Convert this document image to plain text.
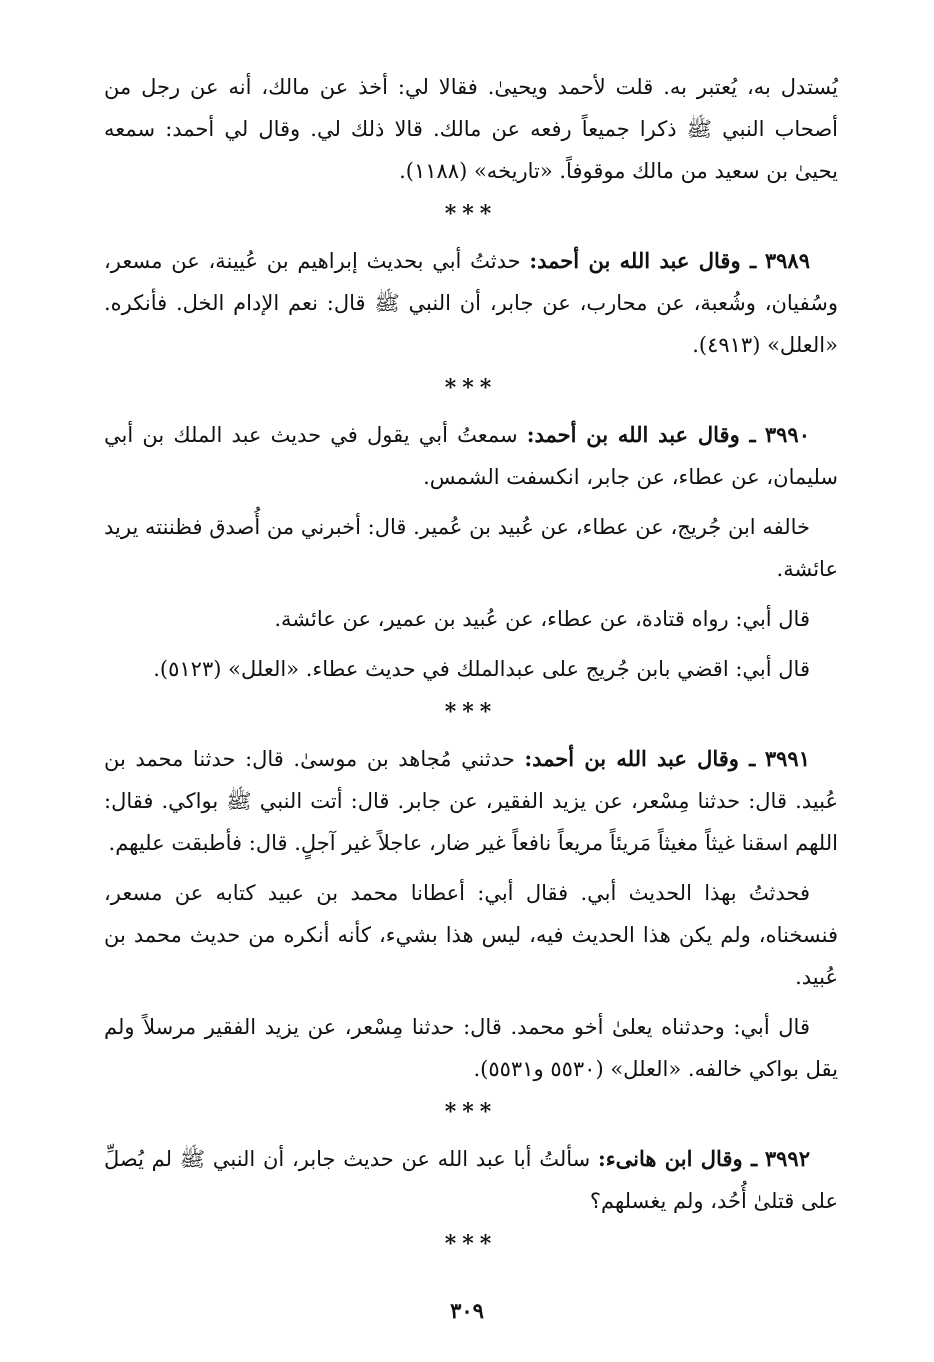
يُستدل به، يُعتبر به. قلت لأحمد ويحيىٰ. فقالا لي: أخذ عن مالك، أنه عن رجل من أصحاب النبي ﷺ ذكرا جميعاً رفعه عن مالك. قالا ذلك لي. وقال لي أحمد: سمعه يحيىٰ بن سعيد من مالك موقوفاً. «تاريخه» (١١٨٨).

***

٣٩٨٩ ـ وقال عبد الله بن أحمد: حدثتُ أبي بحديث إبراهيم بن عُيينة، عن مسعر، وسُفيان، وشُعبة، عن محارب، عن جابر، أن النبي ﷺ قال: نعم الإدام الخل. فأنكره. «العلل» (٤٩١٣).

***

٣٩٩٠ ـ وقال عبد الله بن أحمد: سمعتُ أبي يقول في حديث عبد الملك بن أبي سليمان، عن عطاء، عن جابر، انكسفت الشمس.

خالفه ابن جُريج، عن عطاء، عن عُبيد بن عُمير. قال: أخبرني من أُصدق فظننته يريد عائشة.

قال أبي: رواه قتادة، عن عطاء، عن عُبيد بن عمير، عن عائشة.

قال أبي: اقضي بابن جُريج على عبدالملك في حديث عطاء. «العلل» (٥١٢٣).

***

٣٩٩١ ـ وقال عبد الله بن أحمد: حدثني مُجاهد بن موسىٰ. قال: حدثنا محمد بن عُبيد. قال: حدثنا مِسْعر، عن يزيد الفقير، عن جابر. قال: أتت النبي ﷺ بواكي. فقال: اللهم اسقنا غيثاً مغيثاً مَريئاً مريعاً نافعاً غير ضار، عاجلاً غير آجلٍ. قال: فأطبقت عليهم.

فحدثتُ بهذا الحديث أبي. فقال أبي: أعطانا محمد بن عبيد كتابه عن مسعر، فنسخناه، ولم يكن هذا الحديث فيه، ليس هذا بشيء، كأنه أنكره من حديث محمد بن عُبيد.

قال أبي: وحدثناه يعلىٰ أخو محمد. قال: حدثنا مِسْعر، عن يزيد الفقير مرسلاً ولم يقل بواكي خالفه. «العلل» (٥٥٣٠ و٥٥٣١).

***

٣٩٩٢ ـ وقال ابن هانىء: سألتُ أبا عبد الله عن حديث جابر، أن النبي ﷺ لم يُصلِّ على قتلىٰ أُحُد، ولم يغسلهم؟

***
٣٠٩
